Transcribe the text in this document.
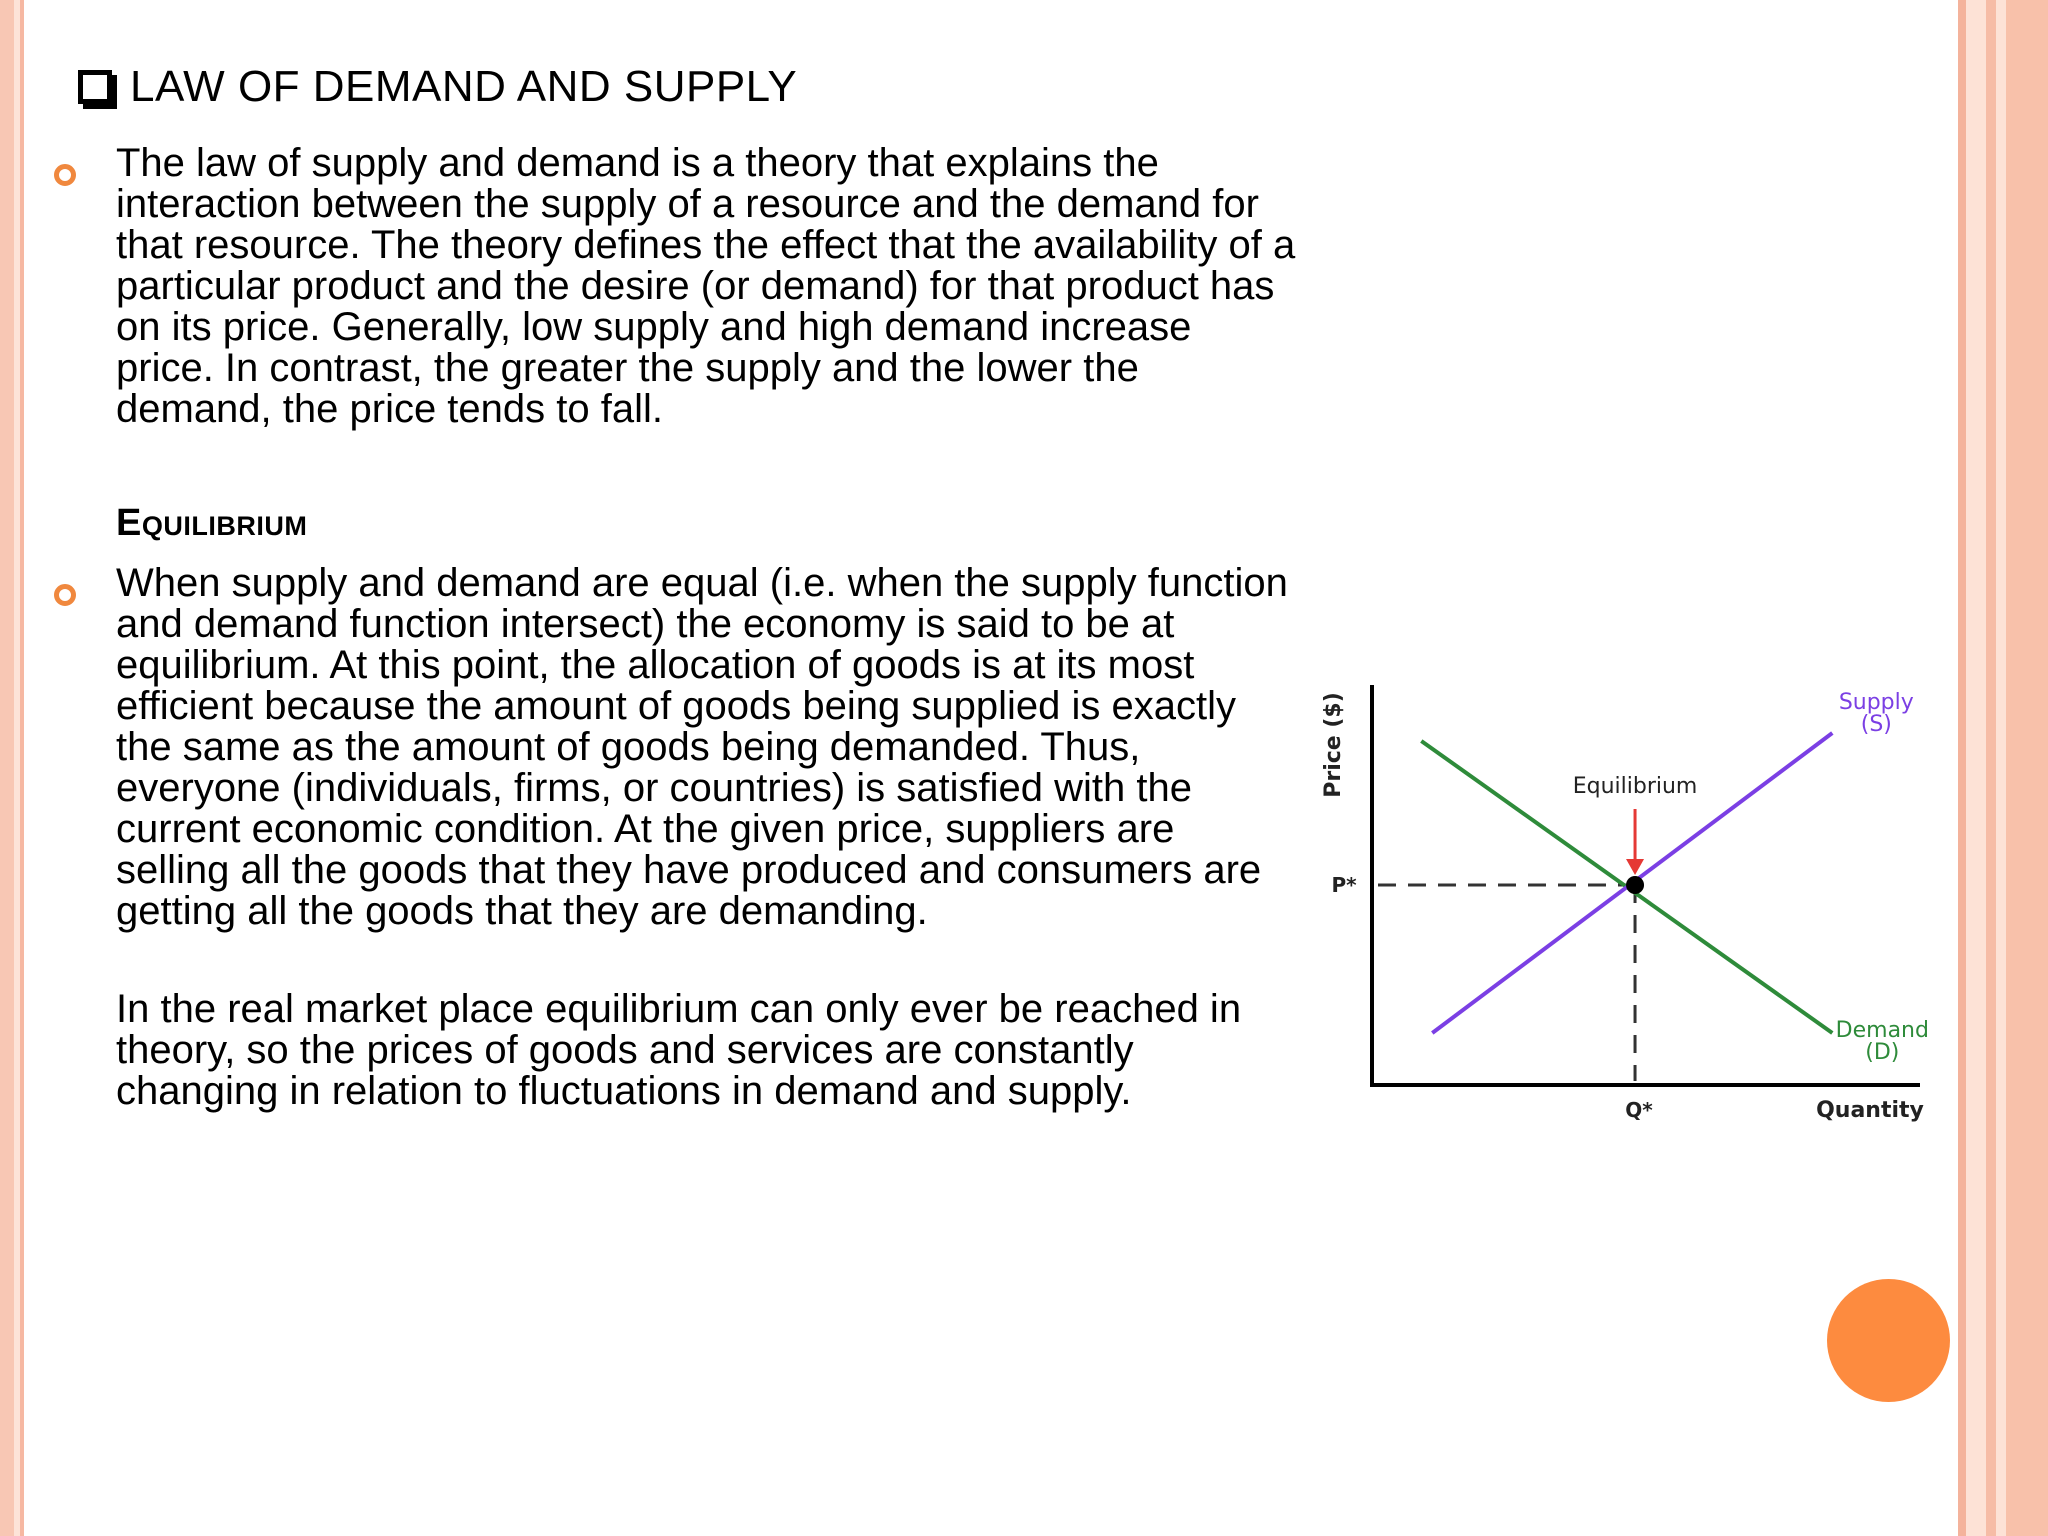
LAW OF DEMAND AND SUPPLY
The law of supply and demand is a theory that explains the interaction between the supply of a resource and the demand for that resource. The theory defines the effect that the availability of a particular product and the desire (or demand) for that product has on its price. Generally, low supply and high demand increase price. In contrast, the greater the supply and the lower the demand, the price tends to fall.
Equilibrium
When supply and demand are equal (i.e. when the supply function and demand function intersect) the economy is said to be at equilibrium. At this point, the allocation of goods is at its most efficient because the amount of goods being supplied is exactly the same as the amount of goods being demanded. Thus, everyone (individuals, firms, or countries) is satisfied with the current economic condition. At the given price, suppliers are selling all the goods that they have produced and consumers are getting all the goods that they are demanding.
In the real market place equilibrium can only ever be reached in theory, so the prices of goods and services are constantly changing in relation to fluctuations in demand and supply.
Price ($)
Quantity
P*
Q*
Supply
(S)
Demand
(D)
Equilibrium
